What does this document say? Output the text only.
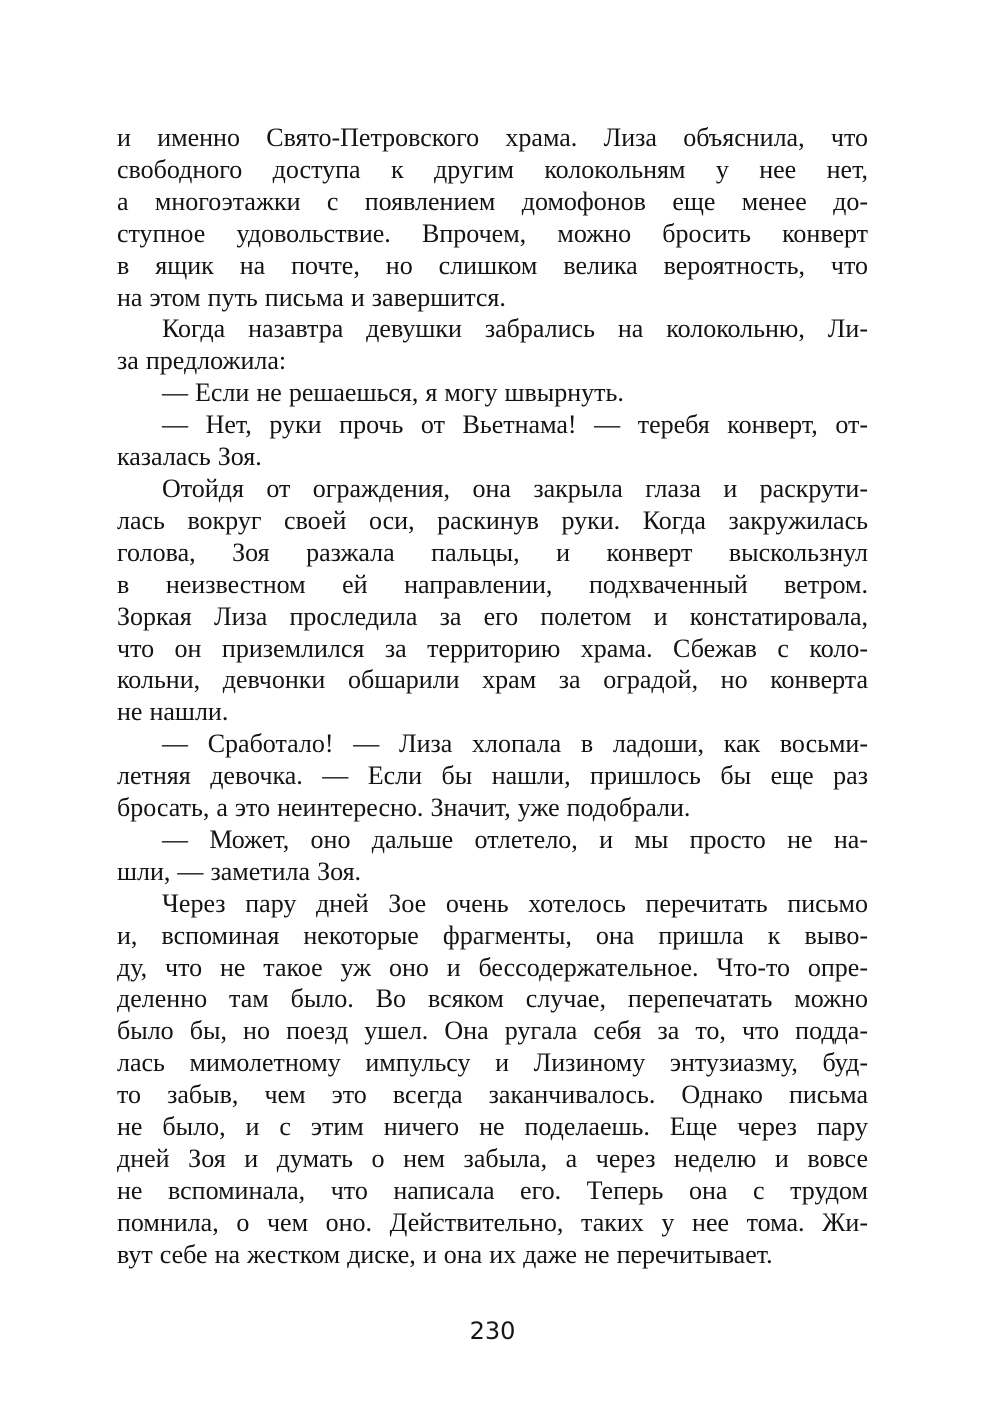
и именно Свято-Петровского храма. Лиза объяснила, что
свободного доступа к другим колокольням у нее нет,
а многоэтажки с появлением домофонов еще менее до-
ступное удовольствие. Впрочем, можно бросить конверт
в ящик на почте, но слишком велика вероятность, что
на этом путь письма и завершится.
Когда назавтра девушки забрались на колокольню, Ли-
за предложила:
— Если не решаешься, я могу швырнуть.
— Нет, руки прочь от Вьетнама! — теребя конверт, от-
казалась Зоя.
Отойдя от ограждения, она закрыла глаза и раскрути-
лась вокруг своей оси, раскинув руки. Когда закружилась
голова, Зоя разжала пальцы, и конверт выскользнул
в неизвестном ей направлении, подхваченный ветром.
Зоркая Лиза проследила за его полетом и констатировала,
что он приземлился за территорию храма. Сбежав с коло-
кольни, девчонки обшарили храм за оградой, но конверта
не нашли.
— Сработало! — Лиза хлопала в ладоши, как восьми-
летняя девочка. — Если бы нашли, пришлось бы еще раз
бросать, а это неинтересно. Значит, уже подобрали.
— Может, оно дальше отлетело, и мы просто не на-
шли, — заметила Зоя.
Через пару дней Зое очень хотелось перечитать письмо
и, вспоминая некоторые фрагменты, она пришла к выво-
ду, что не такое уж оно и бессодержательное. Что-то опре-
деленно там было. Во всяком случае, перепечатать можно
было бы, но поезд ушел. Она ругала себя за то, что подда-
лась мимолетному импульсу и Лизиному энтузиазму, буд-
то забыв, чем это всегда заканчивалось. Однако письма
не было, и с этим ничего не поделаешь. Еще через пару
дней Зоя и думать о нем забыла, а через неделю и вовсе
не вспоминала, что написала его. Теперь она с трудом
помнила, о чем оно. Действительно, таких у нее тома. Жи-
вут себе на жестком диске, и она их даже не перечитывает.
230
